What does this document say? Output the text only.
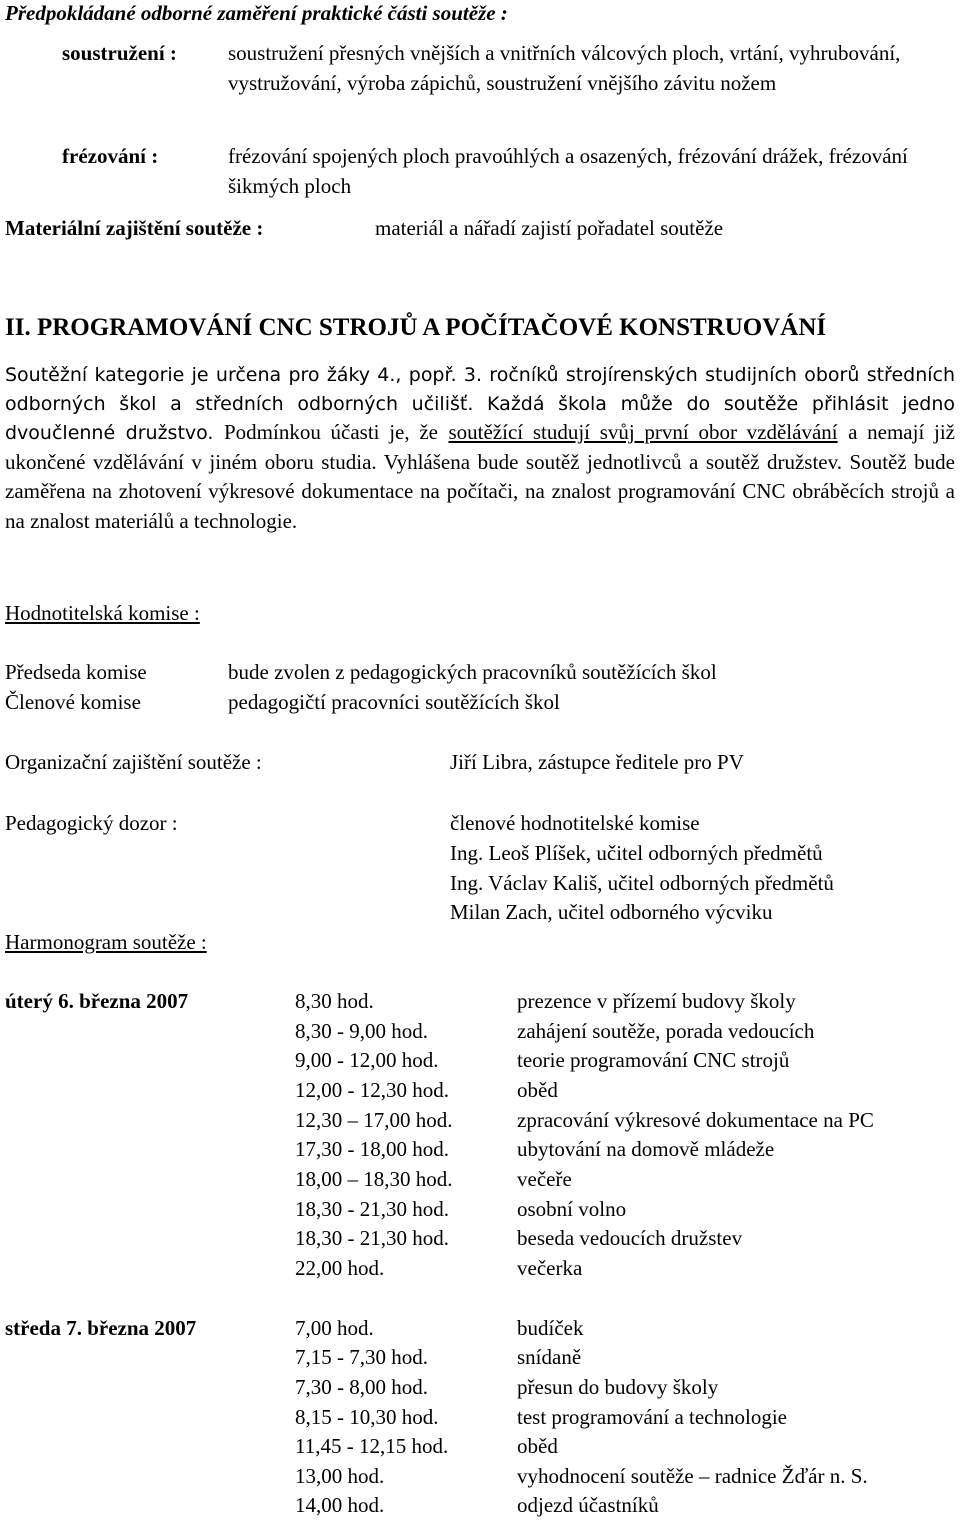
Předpokládané odborné zaměření praktické části soutěže :
soustružení : soustružení přesných vnějších a vnitřních válcových ploch, vrtání, vyhrubování, vystružování, výroba zápichů, soustružení vnějšího závitu nožem
frézování :	frézování spojených ploch pravoúhlých a osazených, frézování drážek, frézování šikmých ploch
Materiální zajištění soutěže :	materiál a nářadí zajistí pořadatel soutěže
II. PROGRAMOVÁNÍ CNC STROJŮ A POČÍTAČOVÉ KONSTRUOVÁNÍ
Soutěžní kategorie je určena pro žáky 4., popř. 3. ročníků strojírenských studijních oborů středních odborných škol a středních odborných učilišť. Každá škola může do soutěže přihlásit jedno dvoučlenné družstvo. Podmínkou účasti je, že soutěžící studují svůj první obor vzdělávání a nemají již ukončené vzdělávání v jiném oboru studia. Vyhlášena bude soutěž jednotlivců a soutěž družstev. Soutěž bude zaměřena na zhotovení výkresové dokumentace na počítači, na znalost programování CNC obráběcích strojů a na znalost materiálů a technologie.
Hodnotitelská komise :
Předseda komise	bude zvolen z pedagogických pracovníků soutěžících škol
Členové komise	pedagogičtí pracovníci soutěžících škol
Organizační zajištění soutěže :	Jiří Libra, zástupce ředitele pro PV
Pedagogický dozor :	členové hodnotitelské komise
Ing. Leoš Plíšek, učitel odborných předmětů
Ing. Václav Kališ, učitel odborných předmětů
Milan Zach, učitel odborného výcviku
Harmonogram soutěže :
úterý 6. března 2007	8,30 hod.	prezence v přízemí budovy školy
8,30 - 9,00 hod.	zahájení soutěže, porada vedoucích
9,00 - 12,00 hod.	teorie programování CNC strojů
12,00 - 12,30 hod.	oběd
12,30 – 17,00 hod.	zpracování výkresové dokumentace na PC
17,30 - 18,00 hod.	ubytování na domově mládeže
18,00 – 18,30 hod.	večeře
18,30 - 21,30 hod.	osobní volno
18,30 - 21,30 hod.	beseda vedoucích družstev
22,00 hod.	večerka
středa 7. března 2007	7,00 hod.	budíček
7,15 - 7,30 hod.	snídaně
7,30 - 8,00 hod.	přesun do budovy školy
8,15 - 10,30 hod.	test programování a technologie
11,45 - 12,15 hod.	oběd
13,00 hod.	vyhodnocení soutěže – radnice Žďár n. S.
14,00 hod.	odjezd účastníků
